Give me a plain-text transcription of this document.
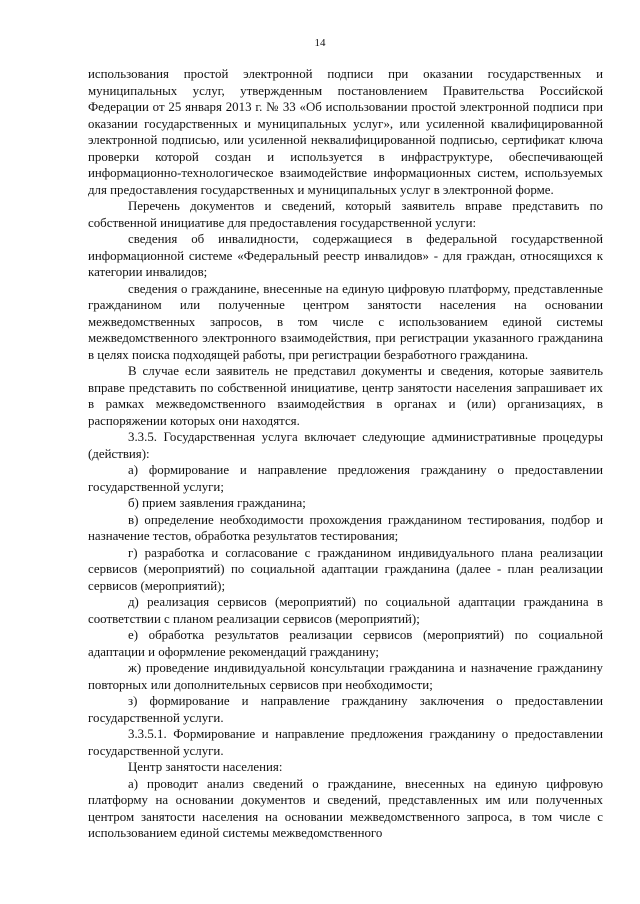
14

использования простой электронной подписи при оказании государственных и муниципальных услуг, утвержденным постановлением Правительства Российской Федерации от 25 января 2013 г. № 33 «Об использовании простой электронной подписи при оказании государственных и муниципальных услуг», или усиленной квалифицированной электронной подписью, или усиленной неквалифицированной подписью, сертификат ключа проверки которой создан и используется в инфраструктуре, обеспечивающей информационно-технологическое взаимодействие информационных систем, используемых для предоставления государственных и муниципальных услуг в электронной форме.

Перечень документов и сведений, который заявитель вправе представить по собственной инициативе для предоставления государственной услуги:

сведения об инвалидности, содержащиеся в федеральной государственной информационной системе «Федеральный реестр инвалидов» - для граждан, относящихся к категории инвалидов;

сведения о гражданине, внесенные на единую цифровую платформу, представленные гражданином или полученные центром занятости населения на основании межведомственных запросов, в том числе с использованием единой системы межведомственного электронного взаимодействия, при регистрации указанного гражданина в целях поиска подходящей работы, при регистрации безработного гражданина.

В случае если заявитель не представил документы и сведения, которые заявитель вправе представить по собственной инициативе, центр занятости населения запрашивает их в рамках межведомственного взаимодействия в органах и (или) организациях, в распоряжении которых они находятся.

3.3.5. Государственная услуга включает следующие административные процедуры (действия):

а) формирование и направление предложения гражданину о предоставлении государственной услуги;

б) прием заявления гражданина;

в) определение необходимости прохождения гражданином тестирования, подбор и назначение тестов, обработка результатов тестирования;

г) разработка и согласование с гражданином индивидуального плана реализации сервисов (мероприятий) по социальной адаптации гражданина (далее - план реализации сервисов (мероприятий);

д) реализация сервисов (мероприятий) по социальной адаптации гражданина в соответствии с планом реализации сервисов (мероприятий);

е) обработка результатов реализации сервисов (мероприятий) по социальной адаптации и оформление рекомендаций гражданину;

ж) проведение индивидуальной консультации гражданина и назначение гражданину повторных или дополнительных сервисов при необходимости;

з) формирование и направление гражданину заключения о предоставлении государственной услуги.

3.3.5.1. Формирование и направление предложения гражданину о предоставлении государственной услуги.

Центр занятости населения:

а) проводит анализ сведений о гражданине, внесенных на единую цифровую платформу на основании документов и сведений, представленных им или полученных центром занятости населения на основании межведомственного запроса, в том числе с использованием единой системы межведомственного
